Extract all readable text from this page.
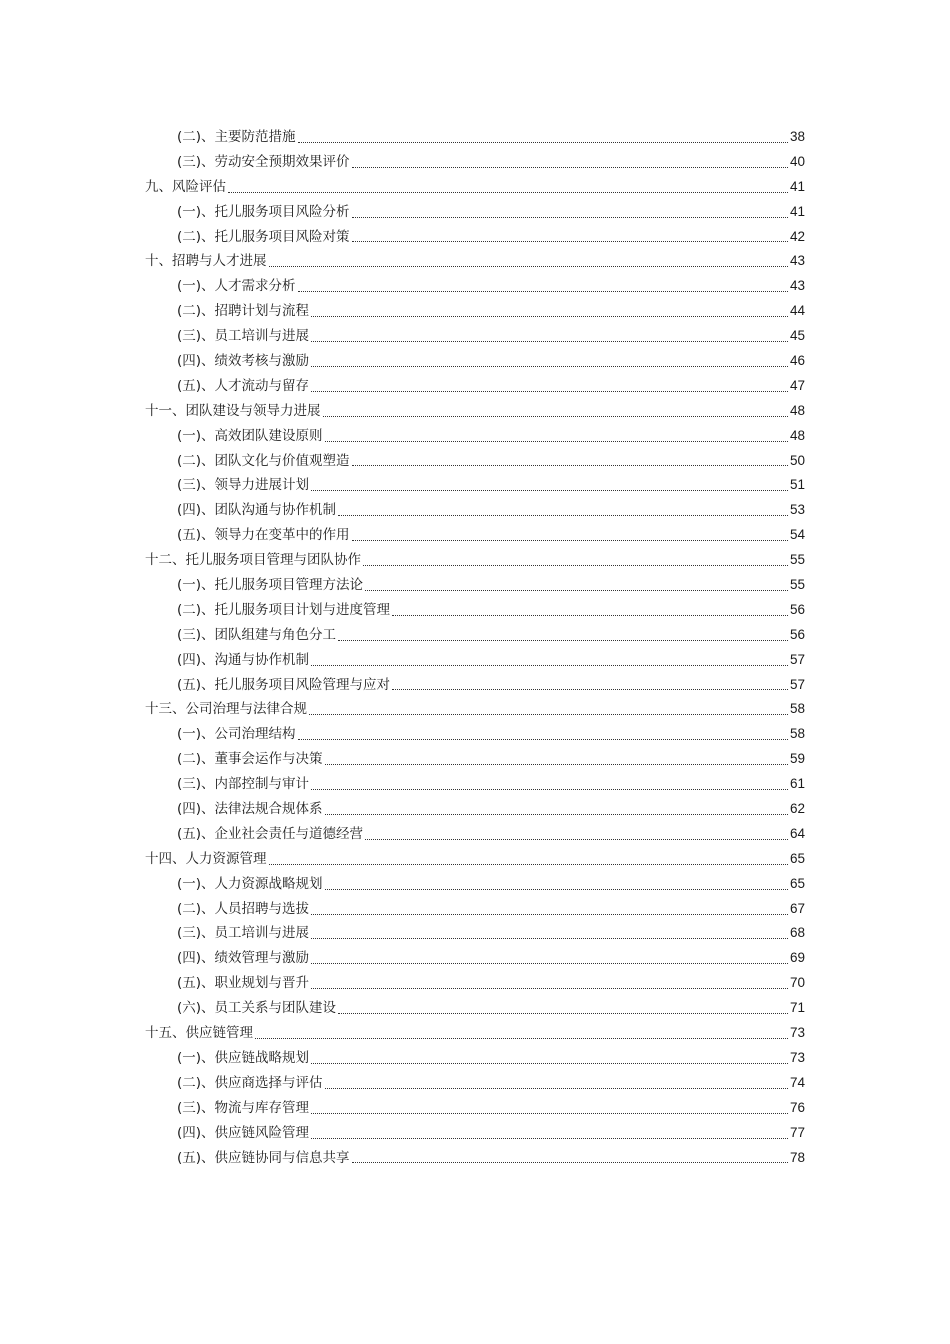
(二)、主要防范措施	38
(三)、劳动安全预期效果评价	40
九、风险评估	41
(一)、托儿服务项目风险分析	41
(二)、托儿服务项目风险对策	42
十、招聘与人才进展	43
(一)、人才需求分析	43
(二)、招聘计划与流程	44
(三)、员工培训与进展	45
(四)、绩效考核与激励	46
(五)、人才流动与留存	47
十一、团队建设与领导力进展	48
(一)、高效团队建设原则	48
(二)、团队文化与价值观塑造	50
(三)、领导力进展计划	51
(四)、团队沟通与协作机制	53
(五)、领导力在变革中的作用	54
十二、托儿服务项目管理与团队协作	55
(一)、托儿服务项目管理方法论	55
(二)、托儿服务项目计划与进度管理	56
(三)、团队组建与角色分工	56
(四)、沟通与协作机制	57
(五)、托儿服务项目风险管理与应对	57
十三、公司治理与法律合规	58
(一)、公司治理结构	58
(二)、董事会运作与决策	59
(三)、内部控制与审计	61
(四)、法律法规合规体系	62
(五)、企业社会责任与道德经营	64
十四、人力资源管理	65
(一)、人力资源战略规划	65
(二)、人员招聘与选拔	67
(三)、员工培训与进展	68
(四)、绩效管理与激励	69
(五)、职业规划与晋升	70
(六)、员工关系与团队建设	71
十五、供应链管理	73
(一)、供应链战略规划	73
(二)、供应商选择与评估	74
(三)、物流与库存管理	76
(四)、供应链风险管理	77
(五)、供应链协同与信息共享	78
